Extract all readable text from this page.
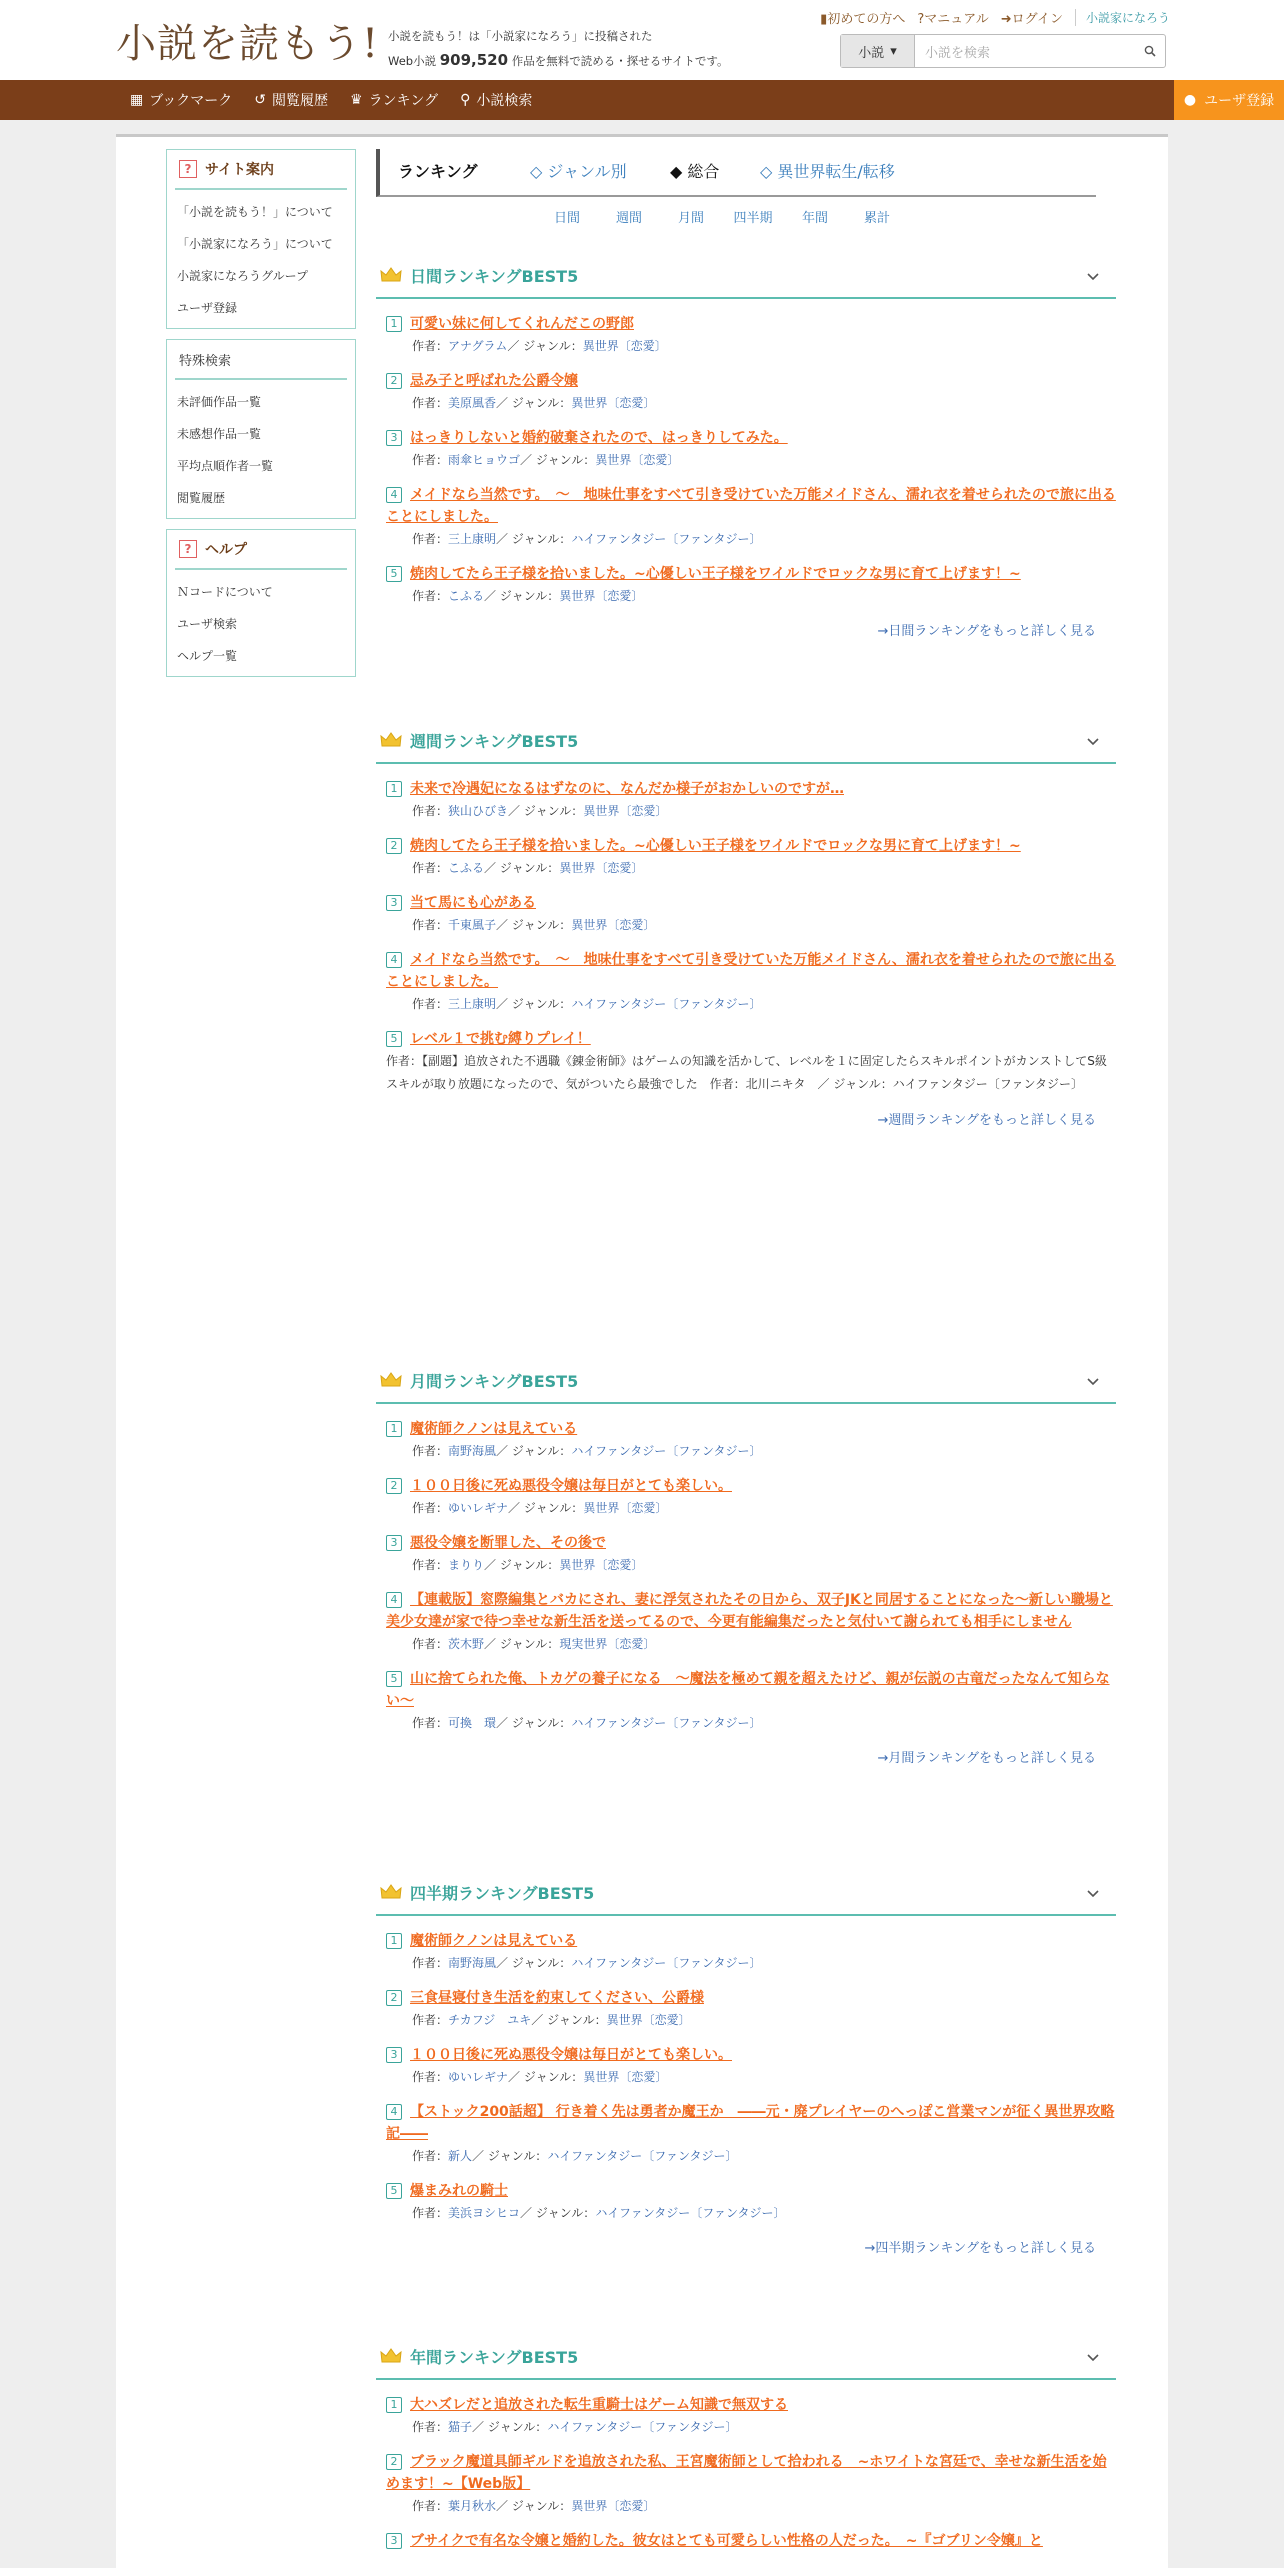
小説を読もう! 小説を読もう！は「小説家になろう」に投稿された
Web小説 909,520 作品を無料で読める・探せるサイトです。
▮初めての方へ ?マニュアル ➜ログイン	小説家になろう
小説 ▾	小説を検索
▦ ブックマーク ↺ 閲覧履歴 ♛ ランキング ⚲ 小説検索	● ユーザ登録
? サイト案内
「小説を読もう！」について
「小説家になろう」について
小説家になろうグループ
ユーザ登録
特殊検索
未評価作品一覧
未感想作品一覧
平均点順作者一覧
閲覧履歴
? ヘルプ
Ｎコードについて
ユーザ検索
ヘルプ一覧
ランキング	◇ ジャンル別	◆ 総合	◇ 異世界転生/転移
日間	週間	月間	四半期	年間	累計
日間ランキングBEST5
1 可愛い妹に何してくれんだこの野郎
作者：アナグラム／ ジャンル：異世界〔恋愛〕
2 忌み子と呼ばれた公爵令嬢
作者：美原風香／ ジャンル：異世界〔恋愛〕
3 はっきりしないと婚約破棄されたので、はっきりしてみた。
作者：雨傘ヒョウゴ／ ジャンル：異世界〔恋愛〕
4 メイドなら当然です。　〜　地味仕事をすべて引き受けていた万能メイドさん、濡れ衣を着せられたので旅に出ることにしました。
作者：三上康明／ ジャンル：ハイファンタジー〔ファンタジー〕
5 焼肉してたら王子様を拾いました。~心優しい王子様をワイルドでロックな男に育て上げます！~
作者：こふる／ ジャンル：異世界〔恋愛〕
→日間ランキングをもっと詳しく見る
週間ランキングBEST5
1 未来で冷遇妃になるはずなのに、なんだか様子がおかしいのですが…
作者：狭山ひびき／ ジャンル：異世界〔恋愛〕
2 焼肉してたら王子様を拾いました。~心優しい王子様をワイルドでロックな男に育て上げます！~
作者：こふる／ ジャンル：異世界〔恋愛〕
3 当て馬にも心がある
作者：千東風子／ ジャンル：異世界〔恋愛〕
4 メイドなら当然です。　〜　地味仕事をすべて引き受けていた万能メイドさん、濡れ衣を着せられたので旅に出ることにしました。
作者：三上康明／ ジャンル：ハイファンタジー〔ファンタジー〕
5 レベル１で挑む縛りプレイ！
作者：【副題】追放された不遇職《錬金術師》はゲームの知識を活かして、レベルを１に固定したらスキルポイントがカンストしてS級スキルが取り放題になったので、気がついたら最強でした　作者：北川ニキタ　／ ジャンル：ハイファンタジー〔ファンタジー〕
→週間ランキングをもっと詳しく見る
月間ランキングBEST5
1 魔術師クノンは見えている
作者：南野海風／ ジャンル：ハイファンタジー〔ファンタジー〕
2 １００日後に死ぬ悪役令嬢は毎日がとても楽しい。
作者：ゆいレギナ／ ジャンル：異世界〔恋愛〕
3 悪役令嬢を断罪した、その後で
作者：まりり／ ジャンル：異世界〔恋愛〕
4 【連載版】窓際編集とバカにされ、妻に浮気されたその日から、双子JKと同居することになった〜新しい職場と美少女達が家で待つ幸せな新生活を送ってるので、今更有能編集だったと気付いて謝られても相手にしません
作者：茨木野／ ジャンル：現実世界〔恋愛〕
5 山に捨てられた俺、トカゲの養子になる　〜魔法を極めて親を超えたけど、親が伝説の古竜だったなんて知らない〜
作者：可換　環／ ジャンル：ハイファンタジー〔ファンタジー〕
→月間ランキングをもっと詳しく見る
四半期ランキングBEST5
1 魔術師クノンは見えている
作者：南野海風／ ジャンル：ハイファンタジー〔ファンタジー〕
2 三食昼寝付き生活を約束してください、公爵様
作者：チカフジ　ユキ／ ジャンル：異世界〔恋愛〕
3 １００日後に死ぬ悪役令嬢は毎日がとても楽しい。
作者：ゆいレギナ／ ジャンル：異世界〔恋愛〕
4 【ストック200話超】 行き着く先は勇者か魔王か　――元・廃プレイヤーのへっぽこ営業マンが征く異世界攻略記――
作者：新人／ ジャンル：ハイファンタジー〔ファンタジー〕
5 爆まみれの騎士
作者：美浜ヨシヒコ／ ジャンル：ハイファンタジー〔ファンタジー〕
→四半期ランキングをもっと詳しく見る
年間ランキングBEST5
1 大ハズレだと追放された転生重騎士はゲーム知識で無双する
作者：猫子／ ジャンル：ハイファンタジー〔ファンタジー〕
2 ブラック魔道具師ギルドを追放された私、王宮魔術師として拾われる　~ホワイトな宮廷で、幸せな新生活を始めます！~【Web版】
作者：葉月秋水／ ジャンル：異世界〔恋愛〕
3 ブサイクで有名な令嬢と婚約した。彼女はとても可愛らしい性格の人だった。　~『ゴブリン令嬢』と
